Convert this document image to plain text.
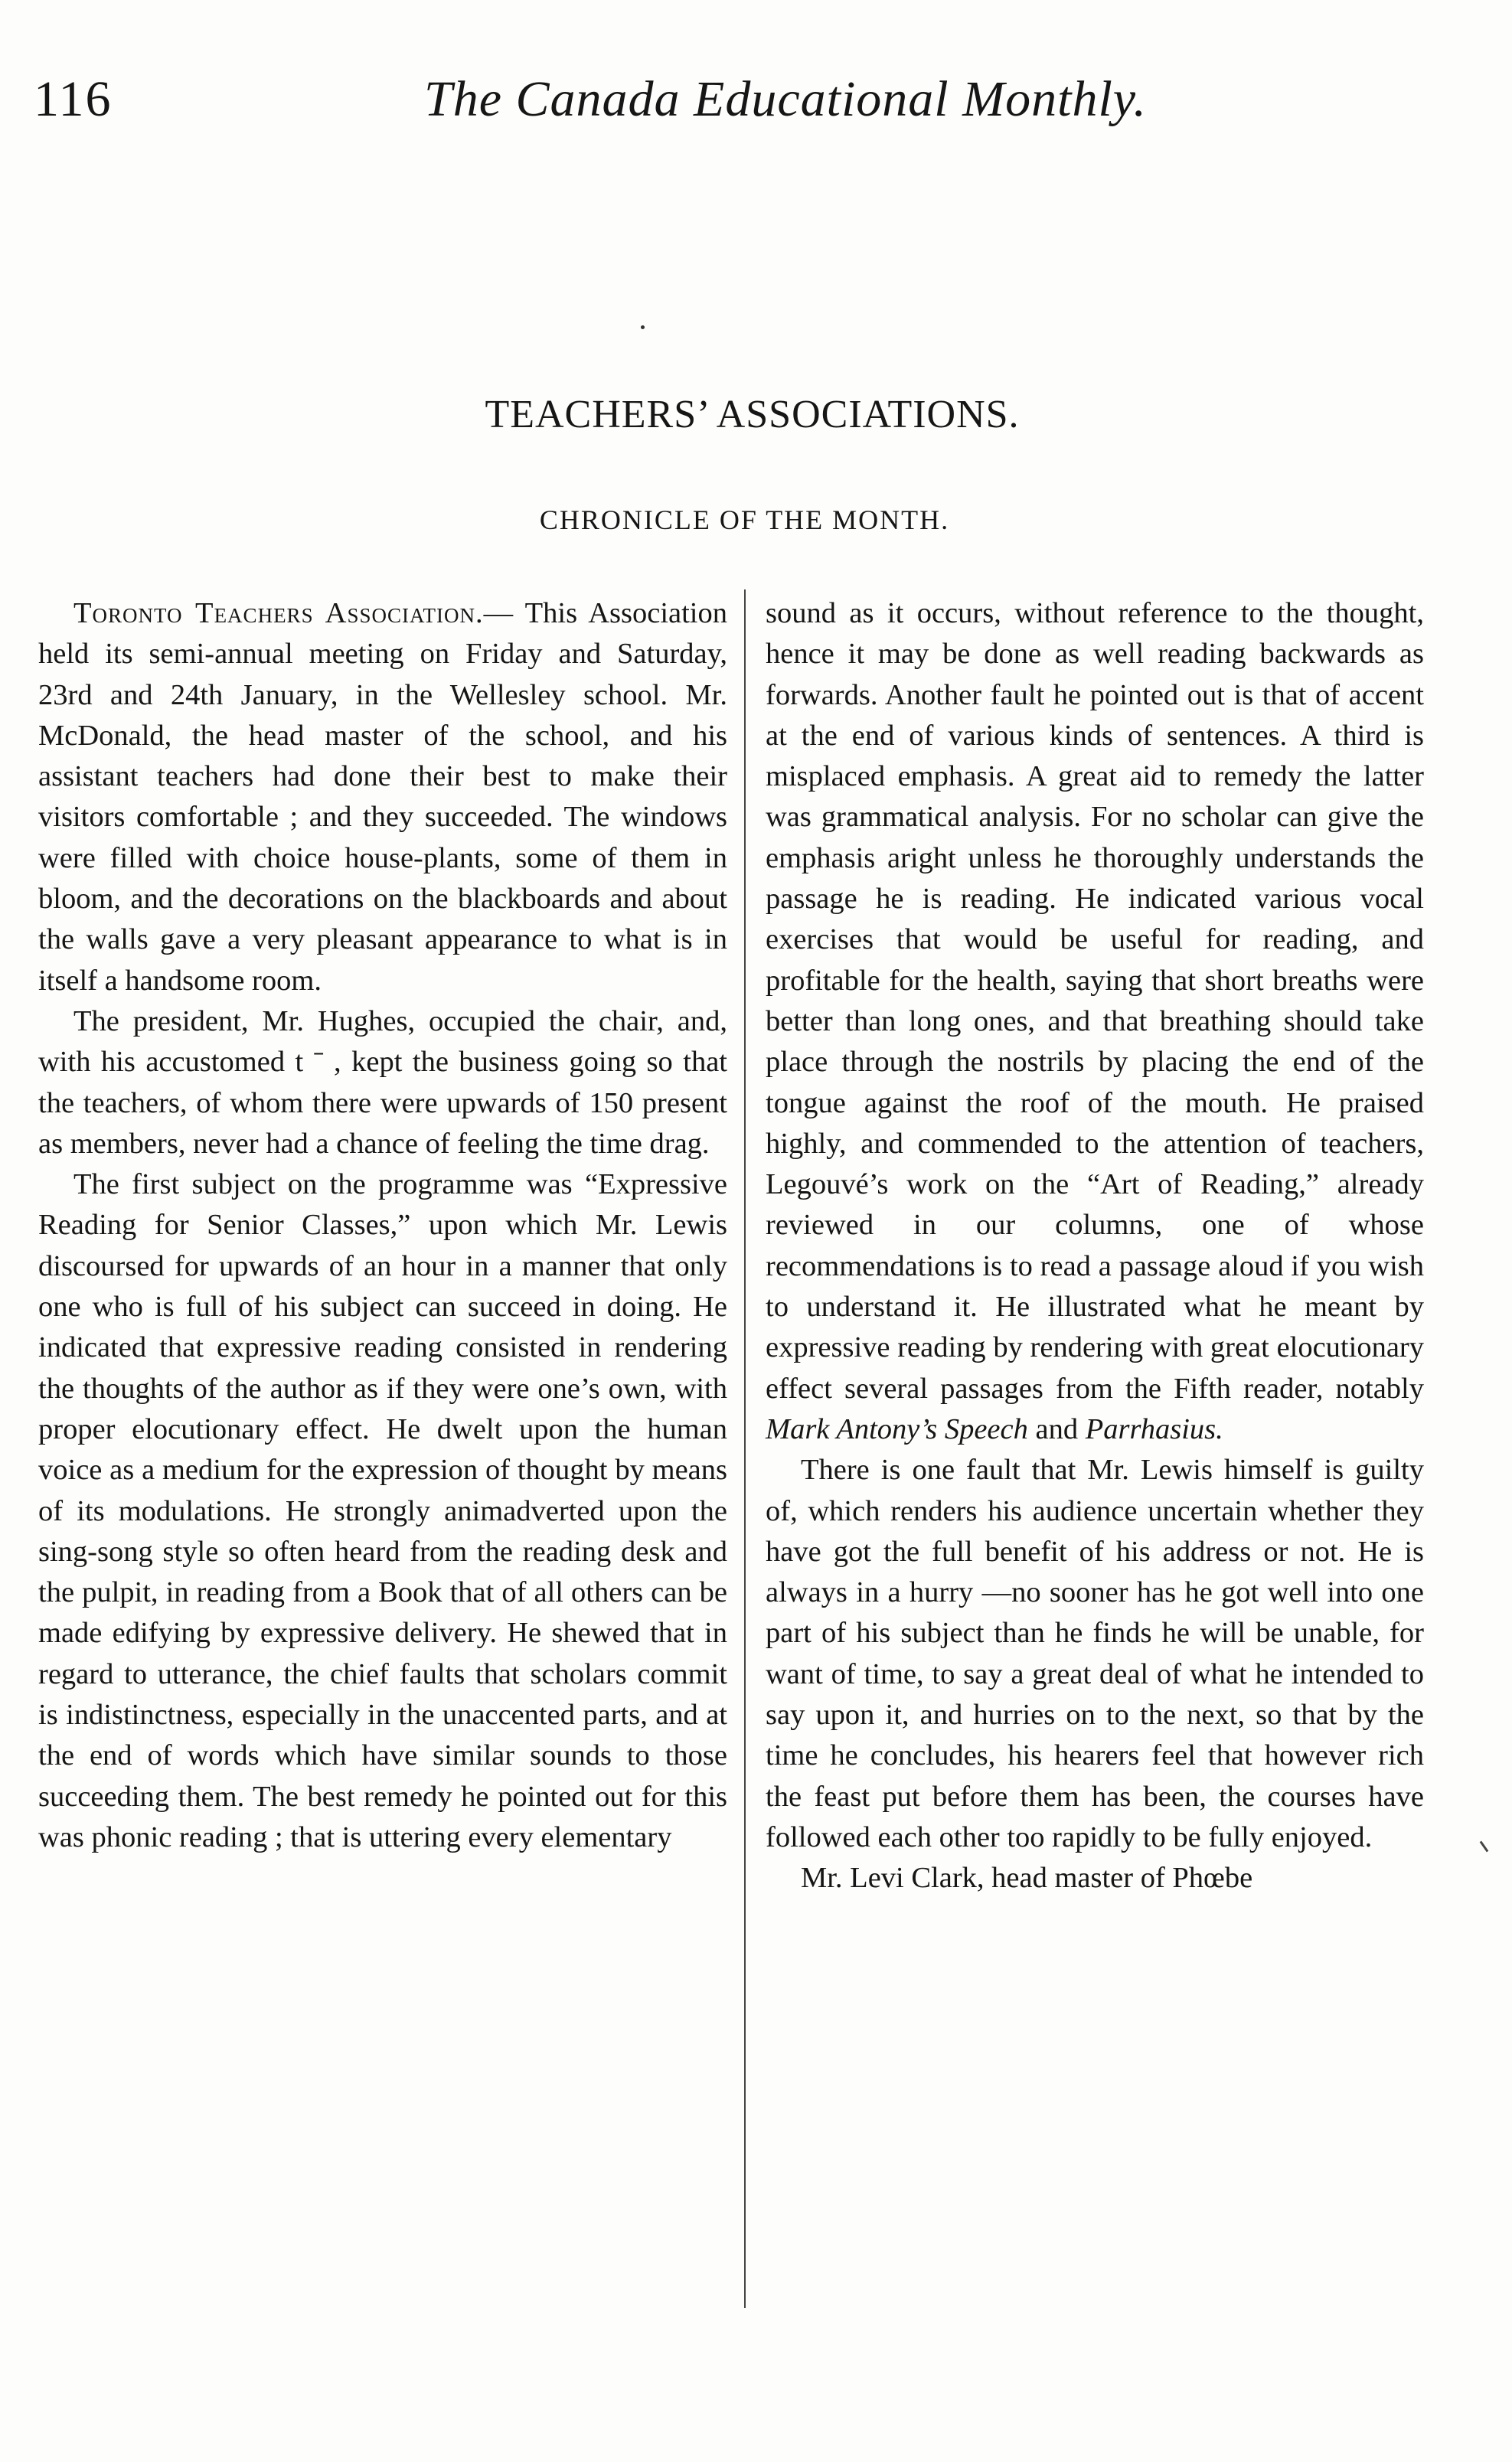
116	The Canada Educational Monthly.
TEACHERS’ ASSOCIATIONS.
CHRONICLE OF THE MONTH.

Toronto Teachers Association.— This Association held its semi-annual meeting on Friday and Saturday, 23rd and 24th January, in the Wellesley school. Mr. McDonald, the head master of the school, and his assistant teachers had done their best to make their visitors comfortable ; and they succeeded. The windows were filled with choice house-plants, some of them in bloom, and the decorations on the blackboards and about the walls gave a very pleasant appearance to what is in itself a handsome room.

The president, Mr. Hughes, occupied the chair, and, with his accustomed t ˉ , kept the business going so that the teachers, of whom there were upwards of 150 present as members, never had a chance of feeling the time drag.

The first subject on the programme was “Expressive Reading for Senior Classes,” upon which Mr. Lewis discoursed for upwards of an hour in a manner that only one who is full of his subject can succeed in doing. He indicated that expressive reading consisted in rendering the thoughts of the author as if they were one’s own, with proper elocutionary effect. He dwelt upon the human voice as a medium for the expression of thought by means of its modulations. He strongly animadverted upon the sing-song style so often heard from the reading desk and the pulpit, in reading from a Book that of all others can be made edifying by expressive delivery. He shewed that in regard to utterance, the chief faults that scholars commit is indistinctness, especially in the unaccented parts, and at the end of words which have similar sounds to those succeeding them. The best remedy he pointed out for this was phonic reading ; that is uttering every elementary

sound as it occurs, without reference to the thought, hence it may be done as well reading backwards as forwards. Another fault he pointed out is that of accent at the end of various kinds of sentences. A third is misplaced emphasis. A great aid to remedy the latter was grammatical analysis. For no scholar can give the emphasis aright unless he thoroughly understands the passage he is reading. He indicated various vocal exercises that would be useful for reading, and profitable for the health, saying that short breaths were better than long ones, and that breathing should take place through the nostrils by placing the end of the tongue against the roof of the mouth. He praised highly, and commended to the attention of teachers, Legouvé’s work on the “Art of Reading,” already reviewed in our columns, one of whose recommendations is to read a passage aloud if you wish to understand it. He illustrated what he meant by expressive reading by rendering with great elocutionary effect several passages from the Fifth reader, notably Mark Antony’s Speech and Parrhasius.

There is one fault that Mr. Lewis himself is guilty of, which renders his audience uncertain whether they have got the full benefit of his address or not. He is always in a hurry —no sooner has he got well into one part of his subject than he finds he will be unable, for want of time, to say a great deal of what he intended to say upon it, and hurries on to the next, so that by the time he concludes, his hearers feel that however rich the feast put before them has been, the courses have followed each other too rapidly to be fully enjoyed.

Mr. Levi Clark, head master of Phœbe
